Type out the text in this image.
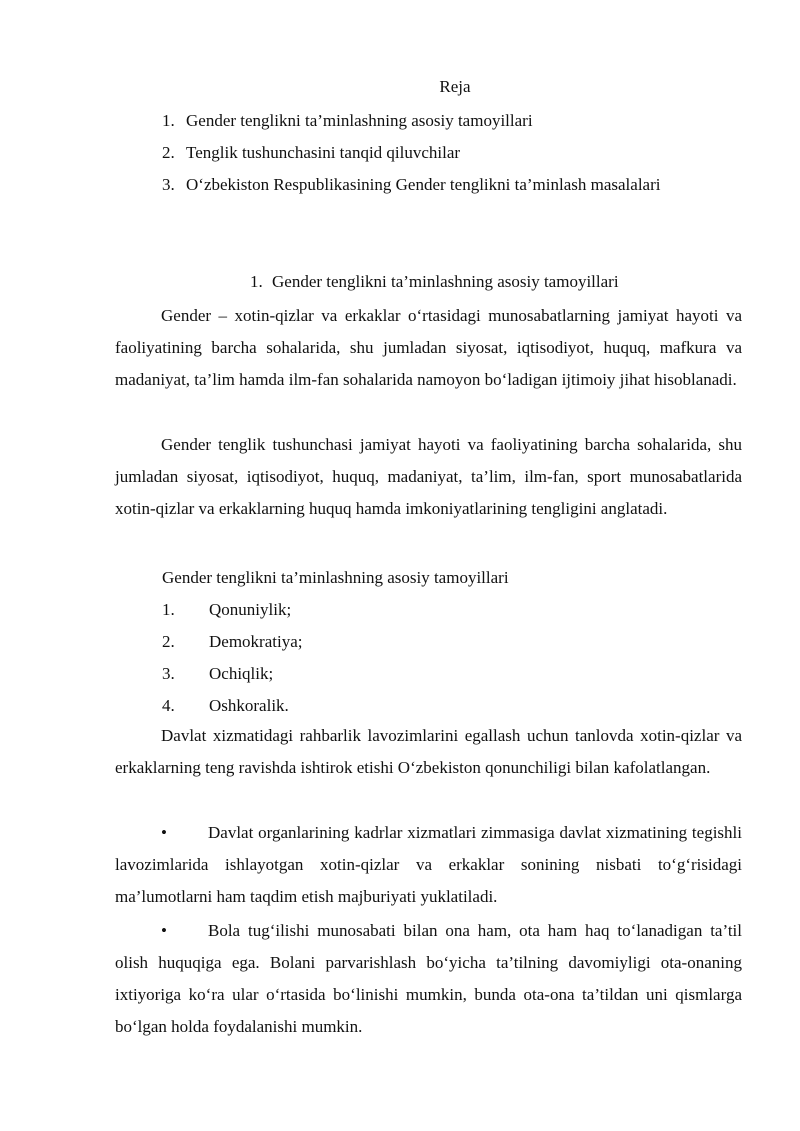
Reja
1. Gender tenglikni ta’minlashning asosiy tamoyillari
2. Tenglik tushunchasini tanqid qiluvchilar
3. O‘zbekiston Respublikasining Gender tenglikni ta’minlash masalalari
1. Gender tenglikni ta’minlashning asosiy tamoyillari

Gender – xotin-qizlar va erkaklar o‘rtasidagi munosabatlarning jamiyat hayoti va faoliyatining barcha sohalarida, shu jumladan siyosat, iqtisodiyot, huquq, mafkura va madaniyat, ta’lim hamda ilm-fan sohalarida namoyon bo‘ladigan ijtimoiy jihat hisoblanadi.

Gender tenglik tushunchasi jamiyat hayoti va faoliyatining barcha sohalarida, shu jumladan siyosat, iqtisodiyot, huquq, madaniyat, ta’lim, ilm-fan, sport munosabatlarida xotin-qizlar va erkaklarning huquq hamda imkoniyatlarining tengligini anglatadi.

Gender tenglikni ta’minlashning asosiy tamoyillari
1. Qonuniylik;
2. Demokratiya;
3. Ochiqlik;
4. Oshkoralik.

Davlat xizmatidagi rahbarlik lavozimlarini egallash uchun tanlovda xotin-qizlar va erkaklarning teng ravishda ishtirok etishi O‘zbekiston qonunchiligi bilan kafolatlangan.

• Davlat organlarining kadrlar xizmatlari zimmasiga davlat xizmatining tegishli lavozimlarida ishlayotgan xotin-qizlar va erkaklar sonining nisbati to‘g‘risidagi ma’lumotlarni ham taqdim etish majburiyati yuklatiladi.

• Bola tug‘ilishi munosabati bilan ona ham, ota ham haq to‘lanadigan ta’til olish huquqiga ega. Bolani parvarishlash bo‘yicha ta’tilning davomiyligi ota-onaning ixtiyoriga ko‘ra ular o‘rtasida bo‘linishi mumkin, bunda ota-ona ta’tildan uni qismlarga bo‘lgan holda foydalanishi mumkin.
